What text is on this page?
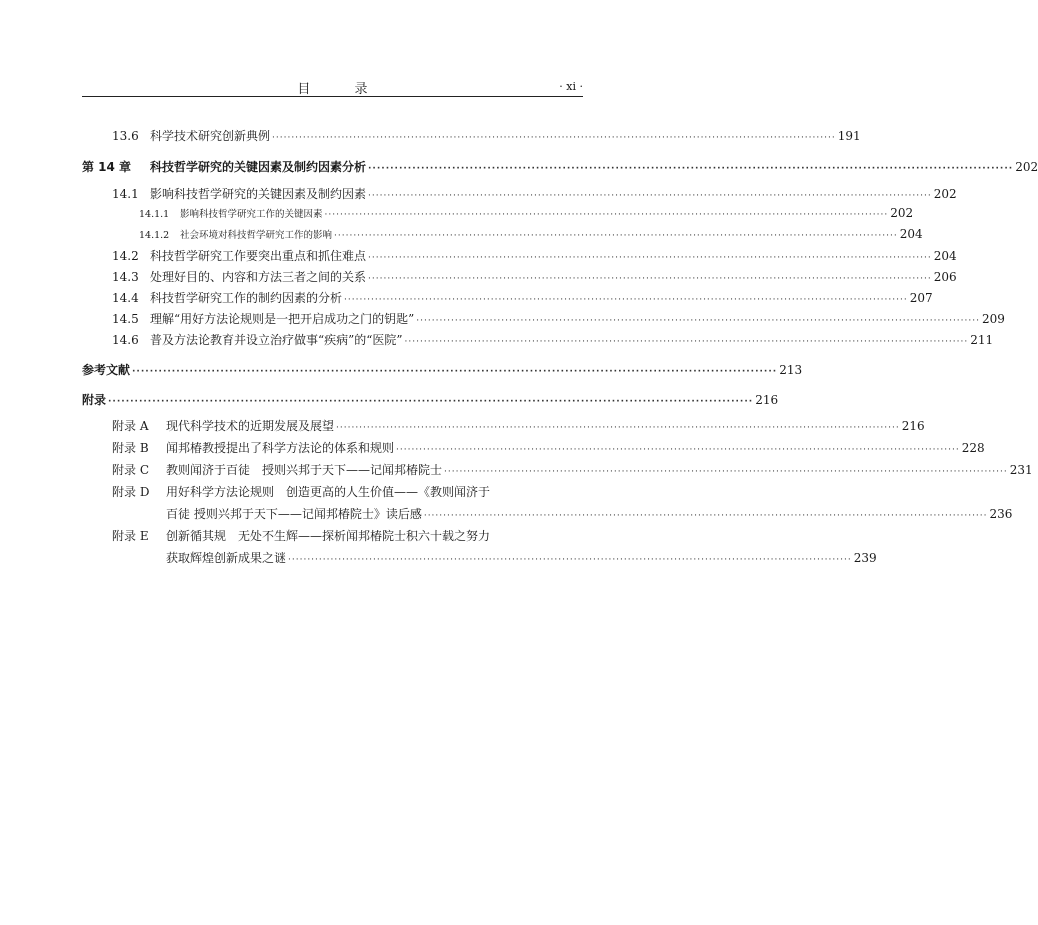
目 录	· xi ·
13.6 科学技术研究创新典例 ·····	191
第 14 章	科技哲学研究的关键因素及制约因素分析 ·····	202
14.1 影响科技哲学研究的关键因素及制约因素 ·····	202
14.1.1	影响科技哲学研究工作的关键因素 ·····	202
14.1.2	社会环境对科技哲学研究工作的影响 ·····	204
14.2 科技哲学研究工作要突出重点和抓住难点 ·····	204
14.3 处理好目的、内容和方法三者之间的关系 ·····	206
14.4 科技哲学研究工作的制约因素的分析 ·····	207
14.5 理解“用好方法论规则是一把开启成功之门的钥匙” ·····	209
14.6 普及方法论教育并设立治疗做事“疾病”的“医院” ·····	211
参考文献 ·····	213
附录 ·····	216
附录 A	现代科学技术的近期发展及展望 ·····	216
附录 B	闻邦椿教授提出了科学方法论的体系和规则 ·····	228
附录 C	教则闻济于百徒　授则兴邦于天下——记闻邦椿院士 ·····	231
附录 D 用好科学方法论规则　创造更高的人生价值——《教则闻济于
百徒 授则兴邦于天下——记闻邦椿院士》读后感 ·····	236
附录 E 创新循其规　无处不生辉——探析闻邦椿院士积六十载之努力
获取辉煌创新成果之谜 ·····	239
